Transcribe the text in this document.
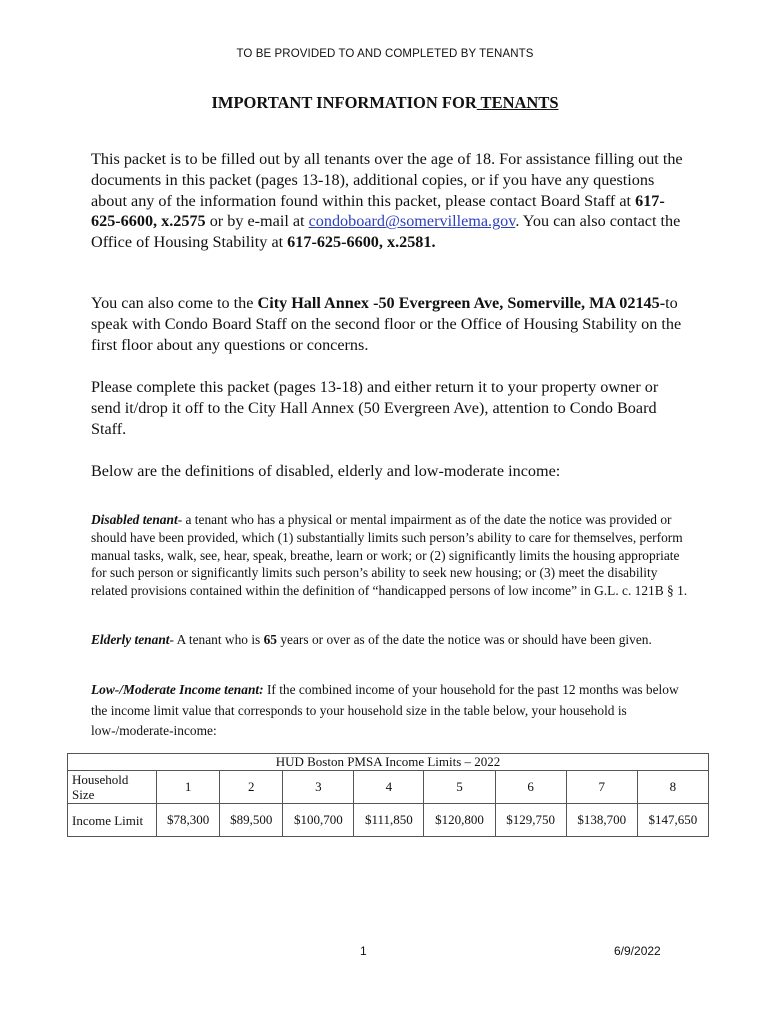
TO BE PROVIDED TO AND COMPLETED BY TENANTS
IMPORTANT INFORMATION FOR TENANTS
This packet is to be filled out by all tenants over the age of 18. For assistance filling out the documents in this packet (pages 13-18), additional copies, or if you have any questions about any of the information found within this packet, please contact Board Staff at 617-625-6600, x.2575 or by e-mail at condoboard@somervillema.gov. You can also contact the Office of Housing Stability at 617-625-6600, x.2581.
You can also come to the City Hall Annex -50 Evergreen Ave, Somerville, MA 02145-to speak with Condo Board Staff on the second floor or the Office of Housing Stability on the first floor about any questions or concerns.
Please complete this packet (pages 13-18) and either return it to your property owner or send it/drop it off to the City Hall Annex (50 Evergreen Ave), attention to Condo Board Staff.
Below are the definitions of disabled, elderly and low-moderate income:
Disabled tenant- a tenant who has a physical or mental impairment as of the date the notice was provided or should have been provided, which (1) substantially limits such person’s ability to care for themselves, perform manual tasks, walk, see, hear, speak, breathe, learn or work; or (2) significantly limits the housing appropriate for such person or significantly limits such person’s ability to seek new housing; or (3) meet the disability related provisions contained within the definition of “handicapped persons of low income” in G.L. c. 121B § 1.
Elderly tenant- A tenant who is 65 years or over as of the date the notice was or should have been given.
Low-/Moderate Income tenant: If the combined income of your household for the past 12 months was below the income limit value that corresponds to your household size in the table below, your household is low-/moderate-income:
HUD Boston PMSA Income Limits – 2022								
Household Size	1	2	3	4	5	6	7	8
Income Limit	$78,300	$89,500	$100,700	$111,850	$120,800	$129,750	$138,700	$147,650
1	6/9/2022
